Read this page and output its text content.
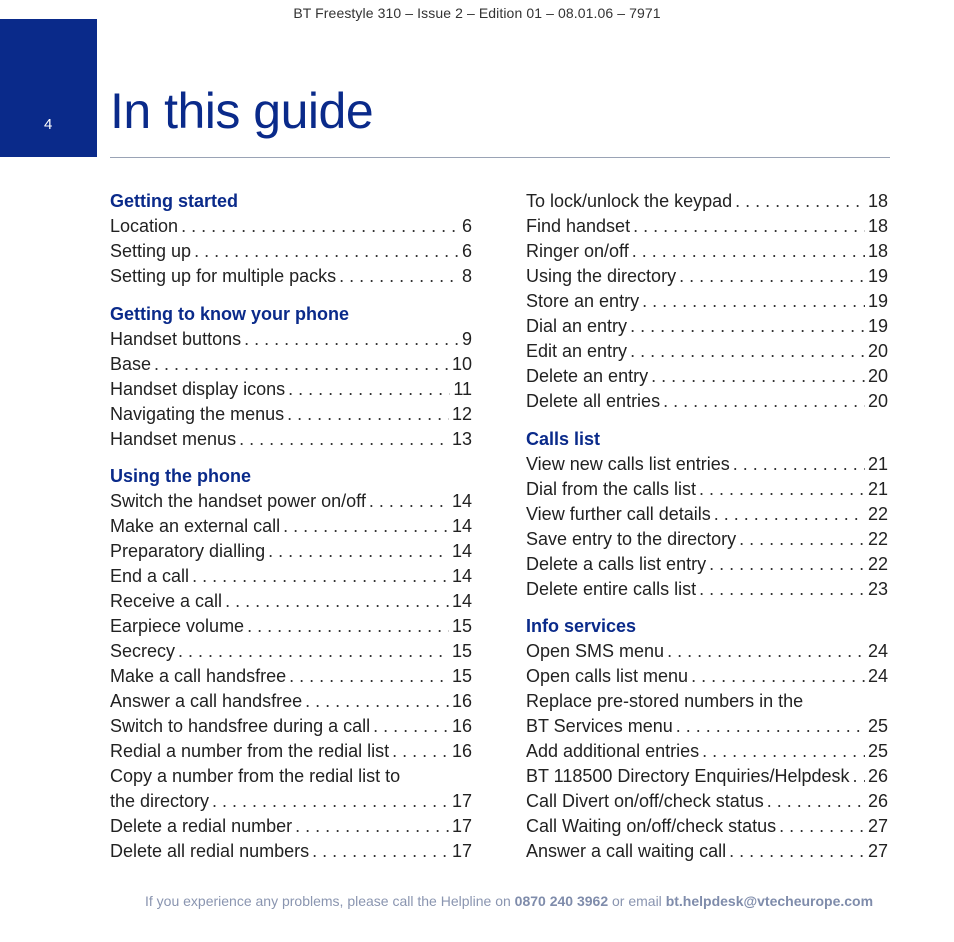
BT Freestyle 310 – Issue 2 – Edition 01 – 08.01.06 – 7971
4 In this guide
Getting started
Location . . .	6
Setting up . . .	6
Setting up for multiple packs . . .	8
Getting to know your phone
Handset buttons . . .	9
Base . . .	10
Handset display icons . . .	11
Navigating the menus . . .	12
Handset menus . . .	13
Using the phone
Switch the handset power on/off . . .	14
Make an external call . . .	14
Preparatory dialling . . .	14
End a call . . .	14
Receive a call . . .	14
Earpiece volume . . .	15
Secrecy . . .	15
Make a call handsfree . . .	15
Answer a call handsfree . . .	16
Switch to handsfree during a call . . .	16
Redial a number from the redial list . . .	16
Copy a number from the redial list to
the directory . . .	17
Delete a redial number . . .	17
Delete all redial numbers . . .	17
To lock/unlock the keypad . . .	18
Find handset . . .	18
Ringer on/off . . .	18
Using the directory . . .	19
Store an entry . . .	19
Dial an entry . . .	19
Edit an entry . . .	20
Delete an entry . . .	20
Delete all entries . . .	20
Calls list
View new calls list entries . . .	21
Dial from the calls list . . .	21
View further call details . . .	22
Save entry to the directory . . .	22
Delete a calls list entry . . .	22
Delete entire calls list . . .	23
Info services
Open SMS menu . . .	24
Open calls list menu . . .	24
Replace pre-stored numbers in the
BT Services menu . . .	25
Add additional entries . . .	25
BT 118500 Directory Enquiries/Helpdesk . . . 26
Call Divert on/off/check status . . .	26
Call Waiting on/off/check status . . .	27
Answer a call waiting call . . .	27
If you experience any problems, please call the Helpline on 0870 240 3962 or email bt.helpdesk@vtecheurope.com
